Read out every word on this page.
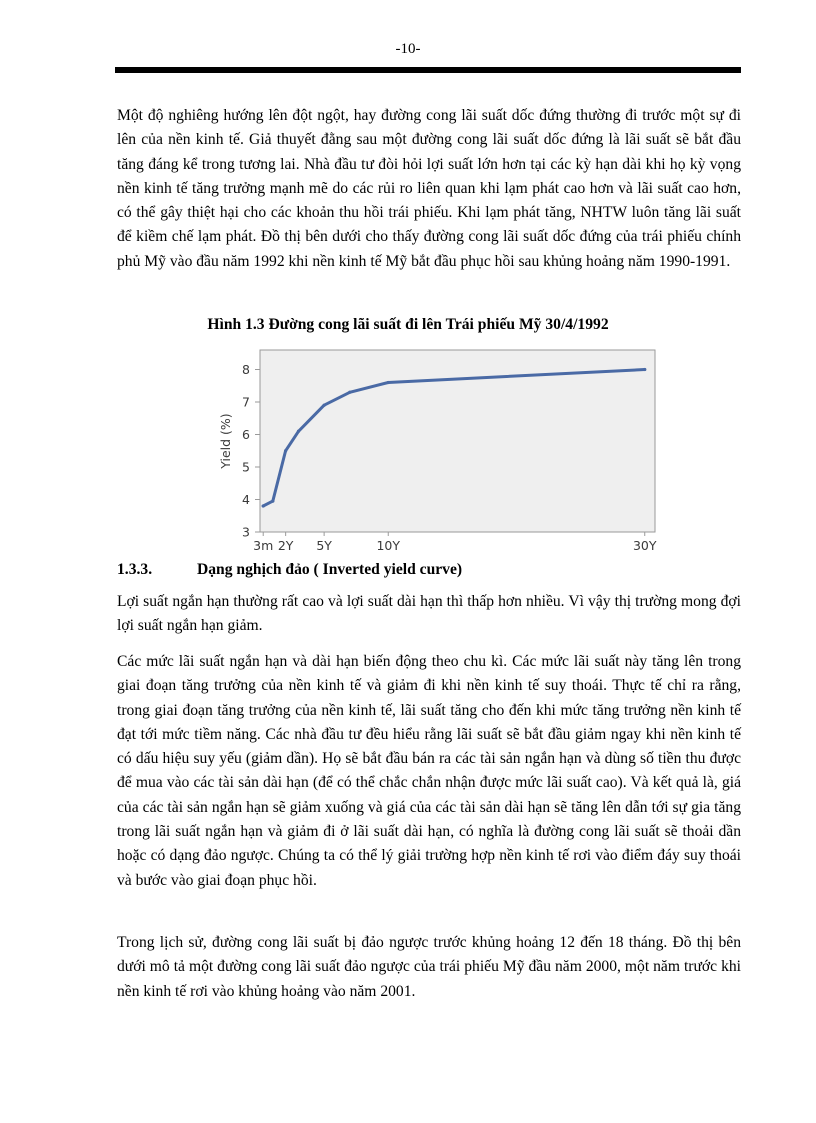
-10-

Một độ nghiêng hướng lên đột ngột, hay đường cong lãi suất dốc đứng thường đi trước một sự đi lên của nền kinh tế. Giả thuyết đằng sau một đường cong lãi suất dốc đứng là lãi suất sẽ bắt đầu tăng đáng kể trong tương lai. Nhà đầu tư đòi hỏi lợi suất lớn hơn tại các kỳ hạn dài khi họ kỳ vọng nền kinh tế tăng trưởng mạnh mẽ do các rủi ro liên quan khi lạm phát cao hơn và lãi suất cao hơn, có thể gây thiệt hại cho các khoản thu hồi trái phiếu. Khi lạm phát tăng, NHTW luôn tăng lãi suất để kiềm chế lạm phát. Đồ thị bên dưới cho thấy đường cong lãi suất dốc đứng của trái phiếu chính phủ Mỹ vào đầu năm 1992 khi nền kinh tế Mỹ bắt đầu phục hồi sau khủng hoảng năm 1990-1991.

Hình 1.3 Đường cong lãi suất đi lên Trái phiếu Mỹ 30/4/1992
3
4
5
6
7
8
3m 2Y 5Y	10Y	30Y
Yield (%)
1.3.3.	Dạng nghịch đảo ( Inverted yield curve)

Lợi suất ngắn hạn thường rất cao và lợi suất dài hạn thì thấp hơn nhiều. Vì vậy thị trường mong đợi lợi suất ngắn hạn giảm.

Các mức lãi suất ngắn hạn và dài hạn biến động theo chu kì. Các mức lãi suất này tăng lên trong giai đoạn tăng trưởng của nền kinh tế và giảm đi khi nền kinh tế suy thoái. Thực tế chỉ ra rằng, trong giai đoạn tăng trưởng của nền kinh tế, lãi suất tăng cho đến khi mức tăng trưởng nền kinh tế đạt tới mức tiềm năng. Các nhà đầu tư đều hiểu rằng lãi suất sẽ bắt đầu giảm ngay khi nền kinh tế có dấu hiệu suy yếu (giảm dần). Họ sẽ bắt đầu bán ra các tài sản ngắn hạn và dùng số tiền thu được để mua vào các tài sản dài hạn (để có thể chắc chắn nhận được mức lãi suất cao). Và kết quả là, giá của các tài sản ngắn hạn sẽ giảm xuống và giá của các tài sản dài hạn sẽ tăng lên dẫn tới sự gia tăng trong lãi suất ngắn hạn và giảm đi ở lãi suất dài hạn, có nghĩa là đường cong lãi suất sẽ thoải dần hoặc có dạng đảo ngược. Chúng ta có thể lý giải trường hợp nền kinh tế rơi vào điểm đáy suy thoái và bước vào giai đoạn phục hồi.

Trong lịch sử, đường cong lãi suất bị đảo ngược trước khủng hoảng 12 đến 18 tháng. Đồ thị bên dưới mô tả một đường cong lãi suất đảo ngược của trái phiếu Mỹ đầu năm 2000, một năm trước khi nền kinh tế rơi vào khủng hoảng vào năm 2001.
